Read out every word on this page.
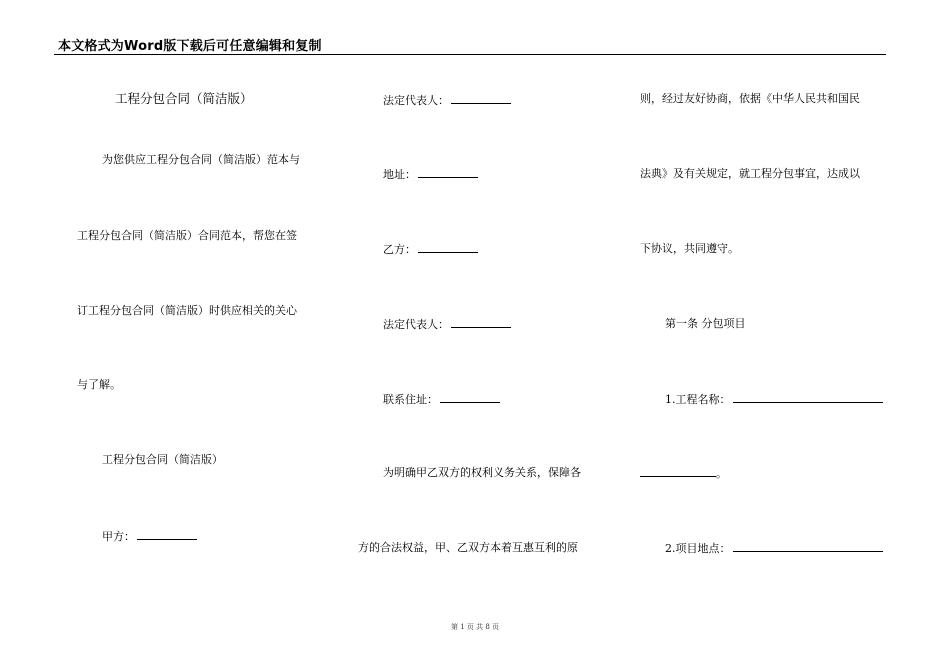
本文格式为Word版下载后可任意编辑和复制
工程分包合同（简洁版）
为您供应工程分包合同（简洁版）范本与
工程分包合同（简洁版）合同范本，帮您在签
订工程分包合同（简洁版）时供应相关的关心
与了解。
工程分包合同（简洁版）
甲方：
法定代表人：
地址：
乙方：
法定代表人：
联系住址：
为明确甲乙双方的权利义务关系，保障各
方的合法权益，甲、乙双方本着互惠互利的原
则，经过友好协商，依据《中华人民共和国民
法典》及有关规定，就工程分包事宜，达成以
下协议，共同遵守。
第一条 分包项目
1.工程名称：
。
2.项目地点：
第 1 页 共 8 页
